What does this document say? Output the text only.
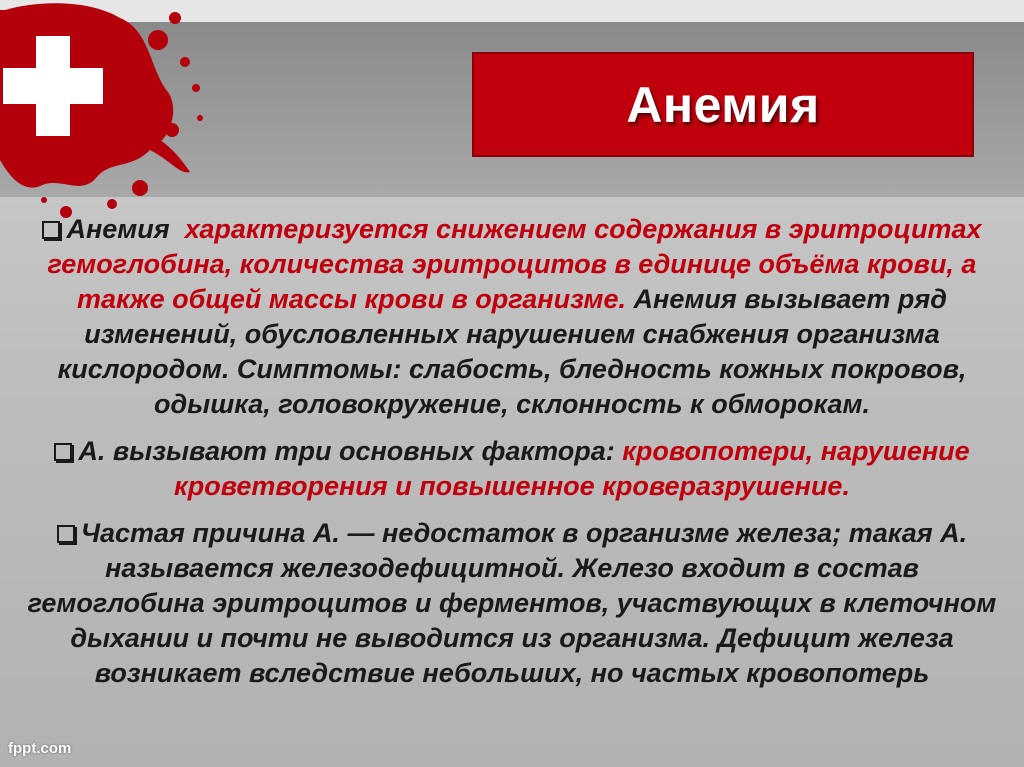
Анемия

Анемия характеризуется снижением содержания в эритроцитах гемоглобина, количества эритроцитов в единице объёма крови, а также общей массы крови в организме. Анемия вызывает ряд изменений, обусловленных нарушением снабжения организма кислородом. Симптомы: слабость, бледность кожных покровов, одышка, головокружение, склонность к обморокам.

А. вызывают три основных фактора: кровопотери, нарушение кроветворения и повышенное кроверазрушение.

Частая причина А. — недостаток в организме железа; такая А. называется железодефицитной. Железо входит в состав гемоглобина эритроцитов и ферментов, участвующих в клеточном дыхании и почти не выводится из организма. Дефицит железа возникает вследствие небольших, но частых кровопотерь

fppt.com
